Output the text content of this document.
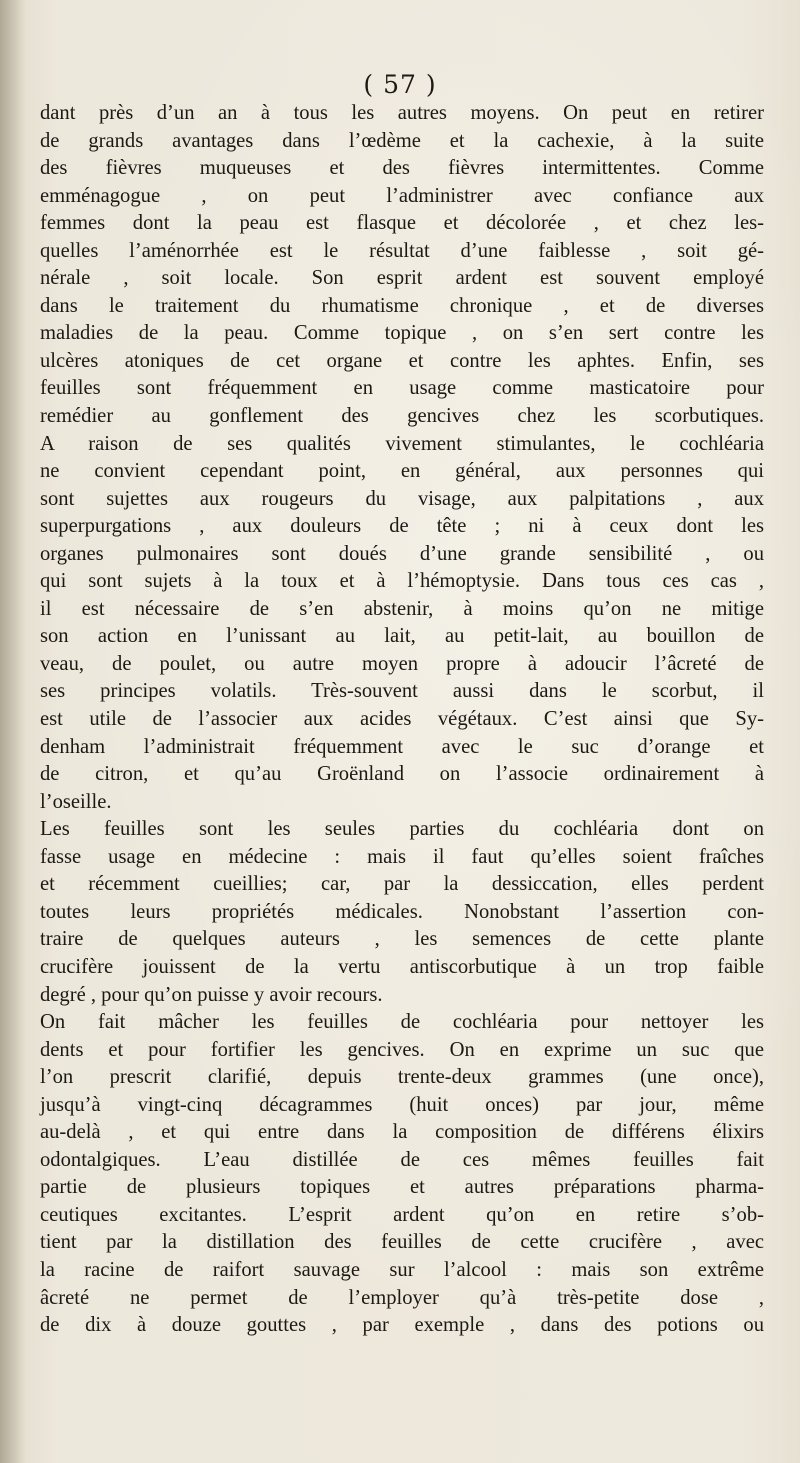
( 57 )
dant près d’un an à tous les autres moyens. On peut en retirer
de grands avantages dans l’œdème et la cachexie, à la suite
des fièvres muqueuses et des fièvres intermittentes. Comme
emménagogue , on peut l’administrer avec confiance aux
femmes dont la peau est flasque et décolorée , et chez les-
quelles l’aménorrhée est le résultat d’une faiblesse , soit gé-
nérale , soit locale. Son esprit ardent est souvent employé
dans le traitement du rhumatisme chronique , et de diverses
maladies de la peau. Comme topique , on s’en sert contre les
ulcères atoniques de cet organe et contre les aphtes. Enfin, ses
feuilles sont fréquemment en usage comme masticatoire pour
remédier au gonflement des gencives chez les scorbutiques.
A raison de ses qualités vivement stimulantes, le cochléaria
ne convient cependant point, en général, aux personnes qui
sont sujettes aux rougeurs du visage, aux palpitations , aux
superpurgations , aux douleurs de tête ; ni à ceux dont les
organes pulmonaires sont doués d’une grande sensibilité , ou
qui sont sujets à la toux et à l’hémoptysie. Dans tous ces cas ,
il est nécessaire de s’en abstenir, à moins qu’on ne mitige
son action en l’unissant au lait, au petit-lait, au bouillon de
veau, de poulet, ou autre moyen propre à adoucir l’âcreté de
ses principes volatils. Très-souvent aussi dans le scorbut, il
est utile de l’associer aux acides végétaux. C’est ainsi que Sy-
denham l’administrait fréquemment avec le suc d’orange et
de citron, et qu’au Groënland on l’associe ordinairement à
l’oseille.
Les feuilles sont les seules parties du cochléaria dont on
fasse usage en médecine : mais il faut qu’elles soient fraîches
et récemment cueillies; car, par la dessiccation, elles perdent
toutes leurs propriétés médicales. Nonobstant l’assertion con-
traire de quelques auteurs , les semences de cette plante
crucifère jouissent de la vertu antiscorbutique à un trop faible
degré , pour qu’on puisse y avoir recours.
On fait mâcher les feuilles de cochléaria pour nettoyer les
dents et pour fortifier les gencives. On en exprime un suc que
l’on prescrit clarifié, depuis trente-deux grammes (une once),
jusqu’à vingt-cinq décagrammes (huit onces) par jour, même
au-delà , et qui entre dans la composition de différens élixirs
odontalgiques. L’eau distillée de ces mêmes feuilles fait
partie de plusieurs topiques et autres préparations pharma-
ceutiques excitantes. L’esprit ardent qu’on en retire s’ob-
tient par la distillation des feuilles de cette crucifère , avec
la racine de raifort sauvage sur l’alcool : mais son extrême
âcreté ne permet de l’employer qu’à très-petite dose ,
de dix à douze gouttes , par exemple , dans des potions ou
